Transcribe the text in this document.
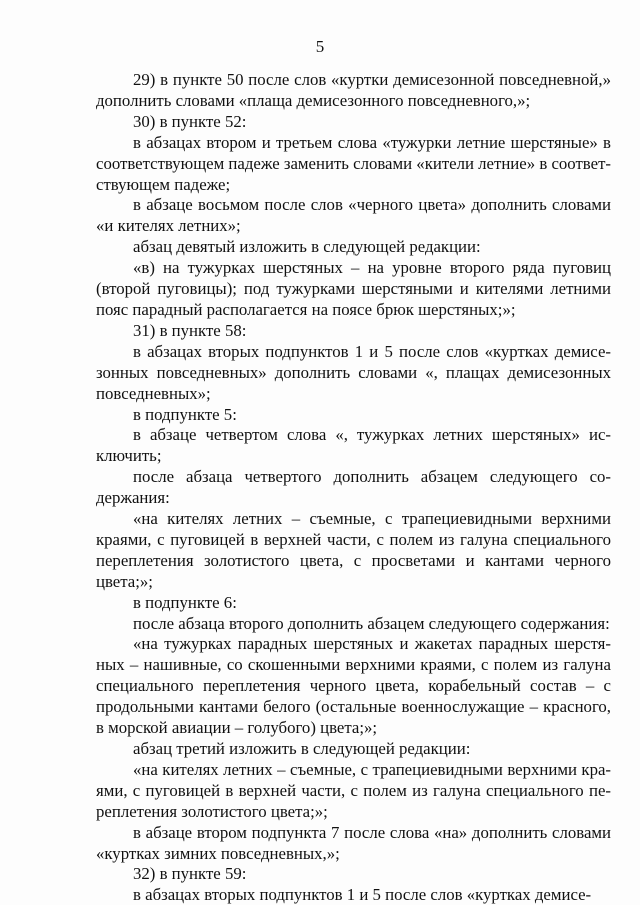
5

29) в пункте 50 после слов «куртки демисезонной повседневной,» дополнить словами «плаща демисезонного повседневного,»;

30) в пункте 52:

в абзацах втором и третьем слова «тужурки летние шерстяные» в соответствующем падеже заменить словами «кители летние» в соответствующем падеже;

в абзаце восьмом после слов «черного цвета» дополнить словами «и кителях летних»;

абзац девятый изложить в следующей редакции:

«в) на тужурках шерстяных – на уровне второго ряда пуговиц (второй пуговицы); под тужурками шерстяными и кителями летними пояс парадный располагается на поясе брюк шерстяных;»;

31) в пункте 58:

в абзацах вторых подпунктов 1 и 5 после слов «куртках демисезонных повседневных» дополнить словами «, плащах демисезонных повседневных»;

в подпункте 5:

в абзаце четвертом слова «, тужурках летних шерстяных» исключить;

после абзаца четвертого дополнить абзацем следующего содержания:

«на кителях летних – съемные, с трапециевидными верхними краями, с пуговицей в верхней части, с полем из галуна специального переплетения золотистого цвета, с просветами и кантами черного цвета;»;

в подпункте 6:

после абзаца второго дополнить абзацем следующего содержания:

«на тужурках парадных шерстяных и жакетах парадных шерстяных – нашивные, со скошенными верхними краями, с полем из галуна специального переплетения черного цвета, корабельный состав – с продольными кантами белого (остальные военнослужащие – красного, в морской авиации – голубого) цвета;»;

абзац третий изложить в следующей редакции:

«на кителях летних – съемные, с трапециевидными верхними краями, с пуговицей в верхней части, с полем из галуна специального переплетения золотистого цвета;»;

в абзаце втором подпункта 7 после слова «на» дополнить словами «куртках зимних повседневных,»;

32) в пункте 59:

в абзацах вторых подпунктов 1 и 5 после слов «куртках демисе-
